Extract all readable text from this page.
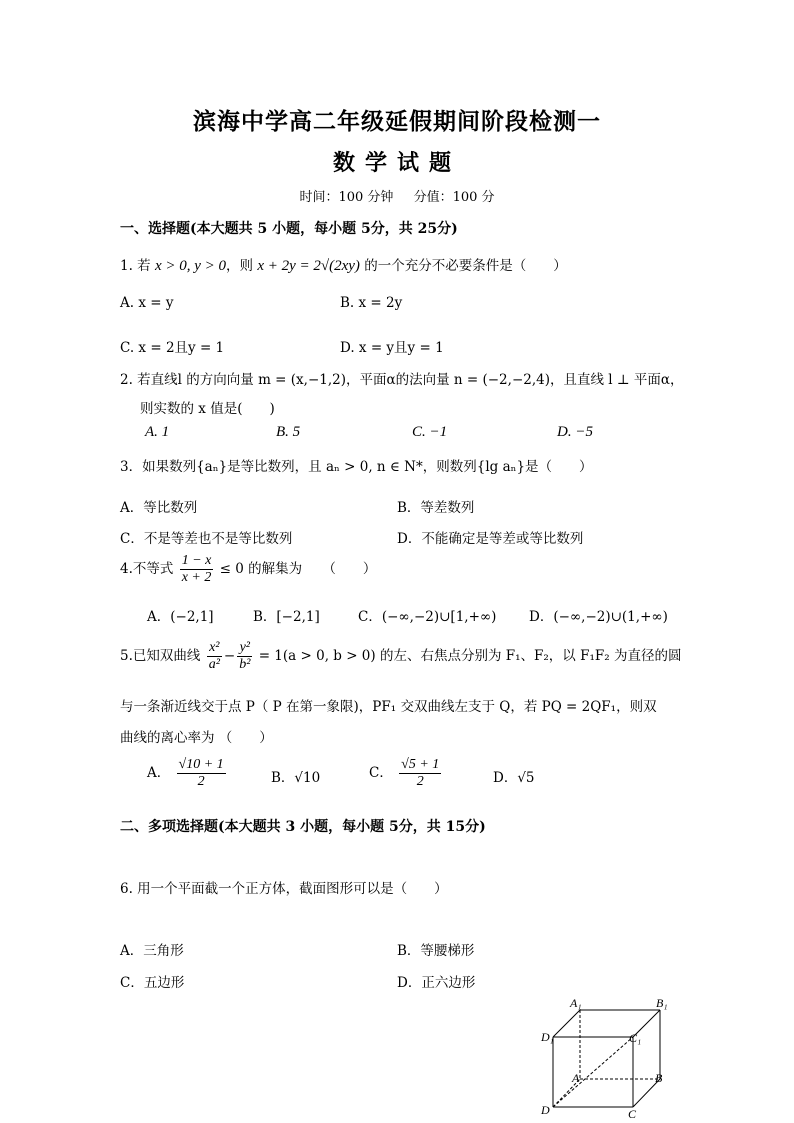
滨海中学高二年级延假期间阶段检测一
数学试题
时间：100 分钟 分值：100 分
一、选择题(本大题共 5 小题，每小题 5分，共 25分)
1. 若 x > 0, y > 0，则 x + 2y = 2√(2xy) 的一个充分不必要条件是（　　）
A. x = y	B. x = 2y
C. x = 2且y = 1	D. x = y且y = 1
2. 若直线l 的方向向量 m = (x,−1,2)，平面α的法向量 n = (−2,−2,4)，且直线 l ⊥ 平面α，
则实数的 x 值是(　　)
A. 1	B. 5	C. −1	D. −5
3．如果数列{aₙ}是等比数列，且 aₙ > 0, n ∈ N*，则数列{lg aₙ}是（　　）
A．等比数列	B．等差数列
C．不是等差也不是等比数列	D．不能确定是等差或等比数列
4.不等式 $\frac{1 - x}{x + 2} \le 0$ 的解集为　　（　　）
A．(−2,1]	B．[−2,1]	C．(−∞,−2)∪[1,+∞) D．(−∞,−2)∪(1,+∞)
5.已知双曲线 $\frac{\text{x²}}{\text{a²}} - \frac{\text{y²}}{\text{b²}} = 1(a > 0$, b > 0) 的左、右焦点分别为 F₁、F₂，以 F₁F₂ 为直径的圆
与一条渐近线交于点 P（ P 在第一象限)，PF₁ 交双曲线左支于 Q，若 PQ = 2QF₁，则双
曲线的离心率为 （　　）
A． $\frac{√10 + 1}{2}$	B．√10	C． $\frac{√5 + 1}{2}$	D．√5
二、多项选择题(本大题共 3 小题，每小题 5分，共 15分)
6. 用一个平面截一个正方体，截面图形可以是（　　）
A．三角形	B．等腰梯形
C．五边形	D．正六边形
A₁	B₁
D₁	C₁
A	B
D	C
